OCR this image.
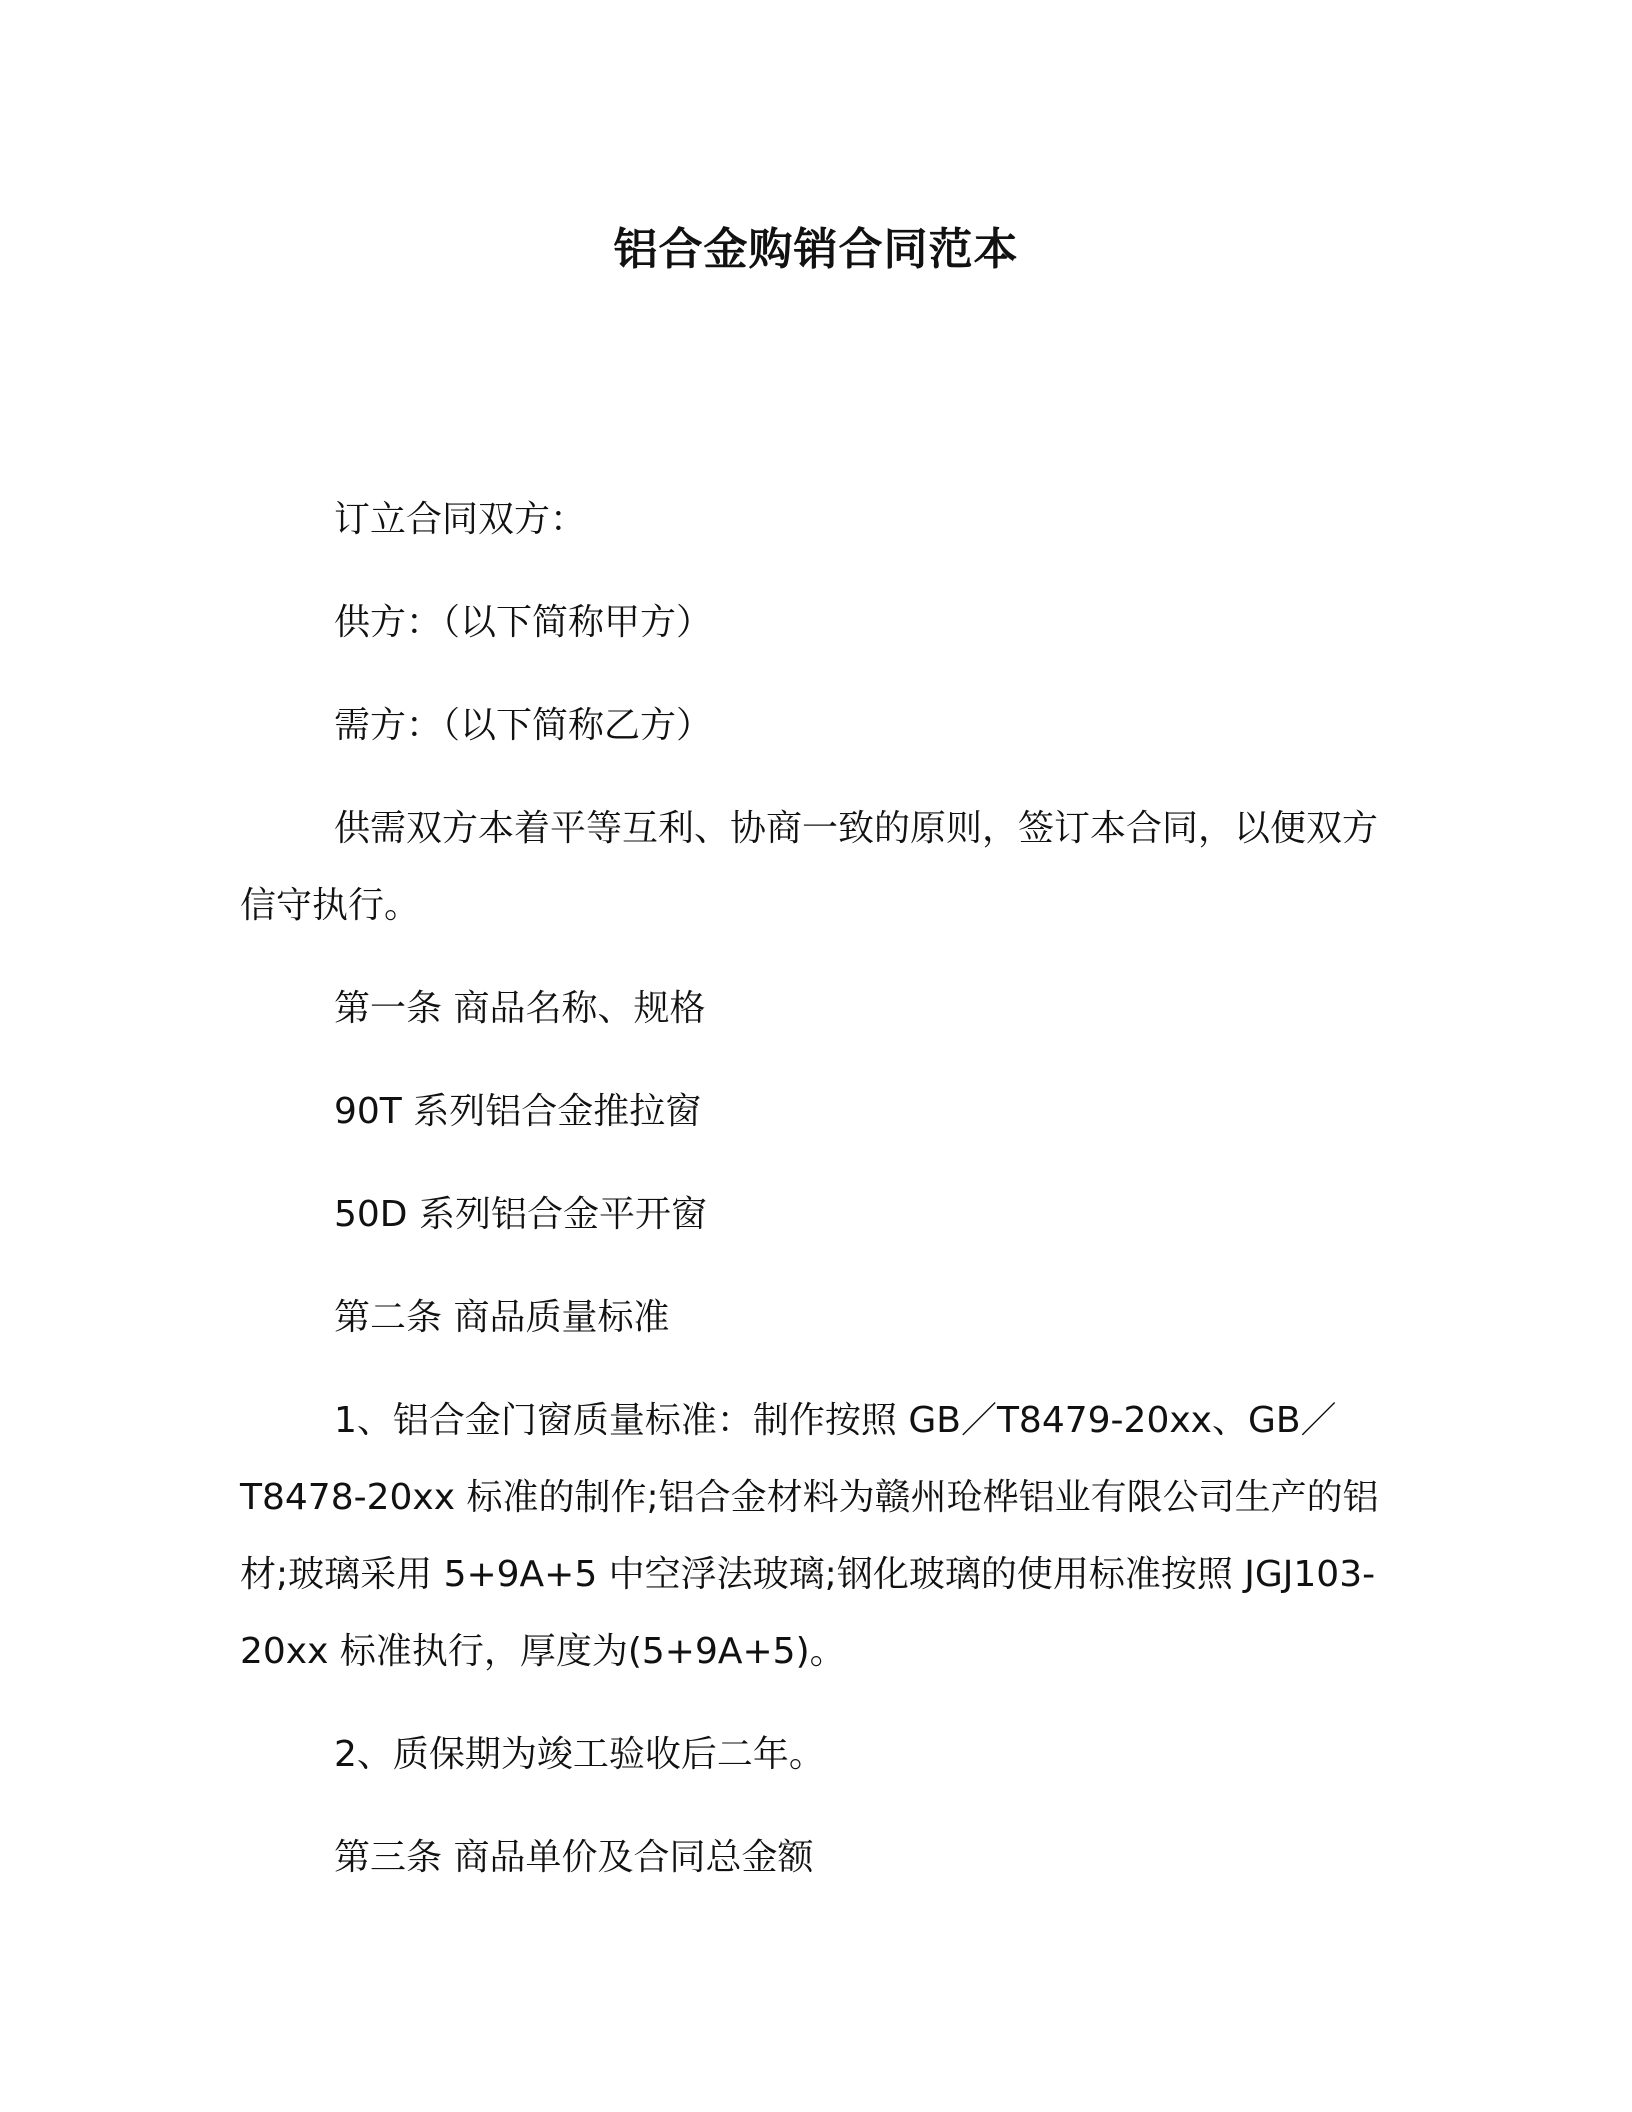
铝合金购销合同范本
订立合同双方：
供方：（以下简称甲方）
需方：（以下简称乙方）
供需双方本着平等互利、协商一致的原则，签订本合同，以便双方信守执行。
第一条 商品名称、规格
90T 系列铝合金推拉窗
50D 系列铝合金平开窗
第二条 商品质量标准
1、铝合金门窗质量标准：制作按照 GB／T8479-20xx、GB／T8478-20xx 标准的制作;铝合金材料为赣州玱桦铝业有限公司生产的铝材;玻璃采用 5+9A+5 中空浮法玻璃;钢化玻璃的使用标准按照 JGJ103-20xx 标准执行，厚度为(5+9A+5)。
2、质保期为竣工验收后二年。
第三条 商品单价及合同总金额
